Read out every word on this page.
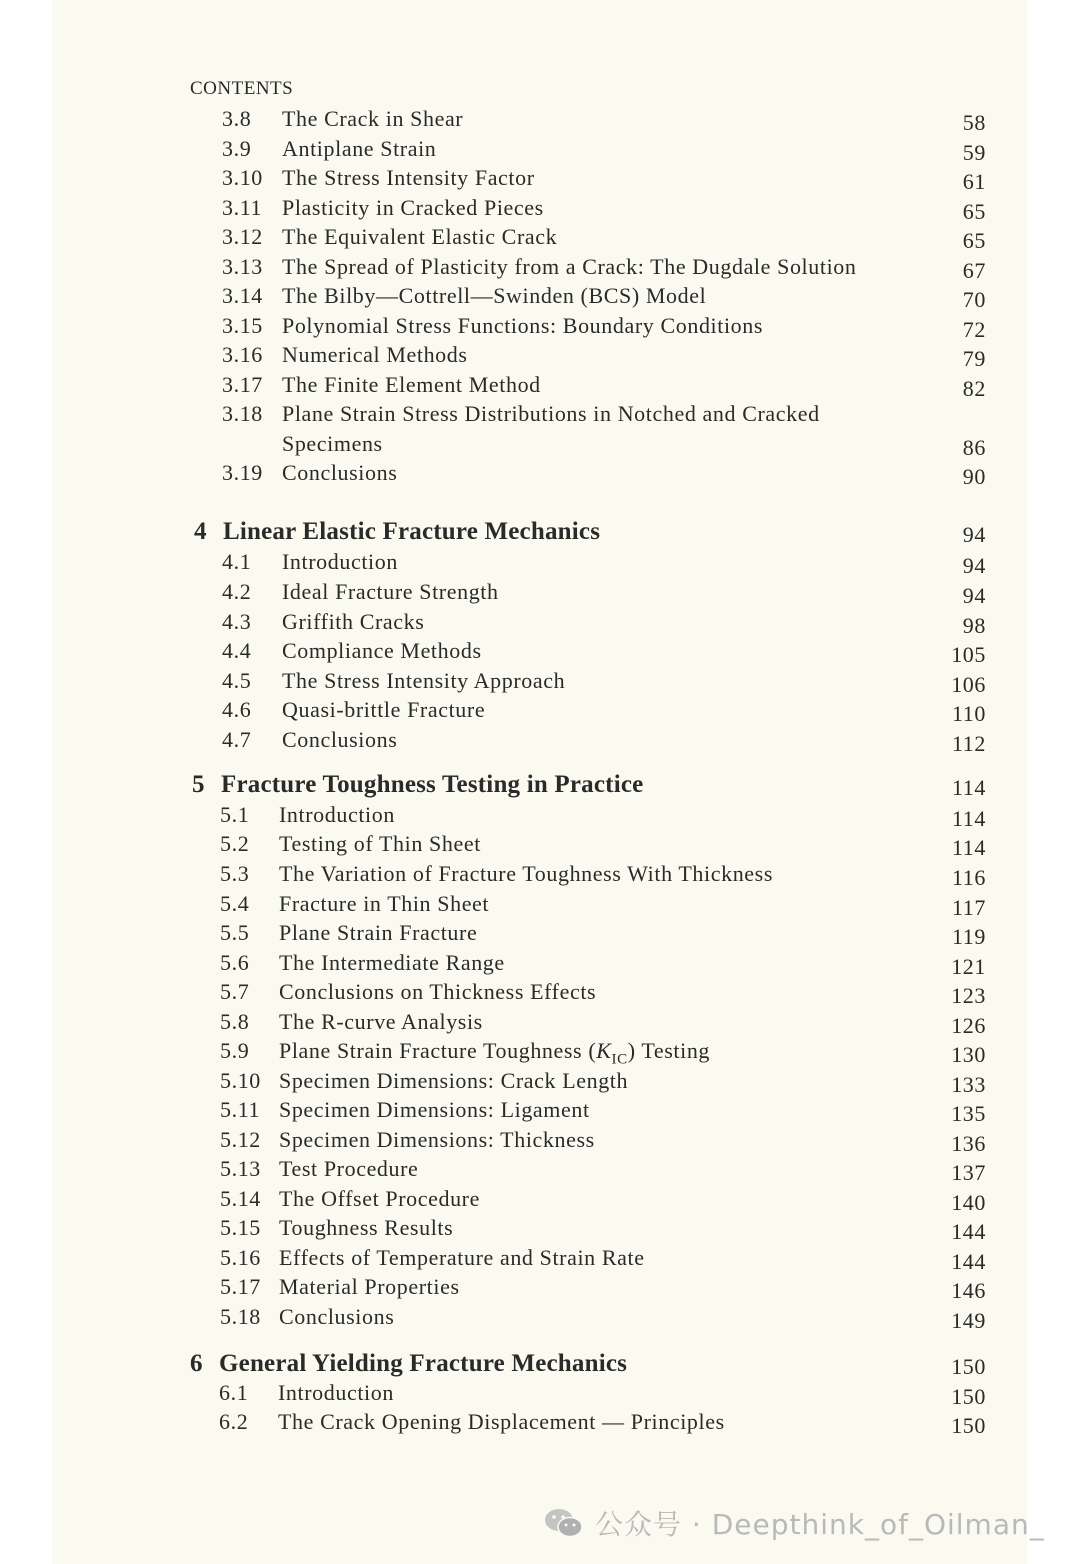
CONTENTS
3.8 The Crack in Shear	58
3.9 Antiplane Strain	59
3.10 The Stress Intensity Factor	61
3.11 Plasticity in Cracked Pieces	65
3.12 The Equivalent Elastic Crack	65
3.13 The Spread of Plasticity from a Crack: The Dugdale Solution	67
3.14 The Bilby—Cottrell—Swinden (BCS) Model	70
3.15 Polynomial Stress Functions: Boundary Conditions	72
3.16 Numerical Methods	79
3.17 The Finite Element Method	82
3.18 Plane Strain Stress Distributions in Notched and Cracked
Specimens	86
3.19 Conclusions	90
4 Linear Elastic Fracture Mechanics	94
4.1 Introduction	94
4.2 Ideal Fracture Strength	94
4.3 Griffith Cracks	98
4.4 Compliance Methods	105
4.5 The Stress Intensity Approach	106
4.6 Quasi-brittle Fracture	110
4.7 Conclusions	112
5 Fracture Toughness Testing in Practice	114
5.1 Introduction	114
5.2 Testing of Thin Sheet	114
5.3 The Variation of Fracture Toughness With Thickness	116
5.4 Fracture in Thin Sheet	117
5.5 Plane Strain Fracture	119
5.6 The Intermediate Range	121
5.7 Conclusions on Thickness Effects	123
5.8 The R-curve Analysis	126
5.9 Plane Strain Fracture Toughness $(K_{IC})$ Testing	130
5.10 Specimen Dimensions: Crack Length	133
5.11 Specimen Dimensions: Ligament	135
5.12 Specimen Dimensions: Thickness	136
5.13 Test Procedure	137
5.14 The Offset Procedure	140
5.15 Toughness Results	144
5.16 Effects of Temperature and Strain Rate	144
5.17 Material Properties	146
5.18 Conclusions	149
6 General Yielding Fracture Mechanics	150
6.1 Introduction	150
6.2 The Crack Opening Displacement — Principles	150
公众号 · Deepthink_of_Oilman_
